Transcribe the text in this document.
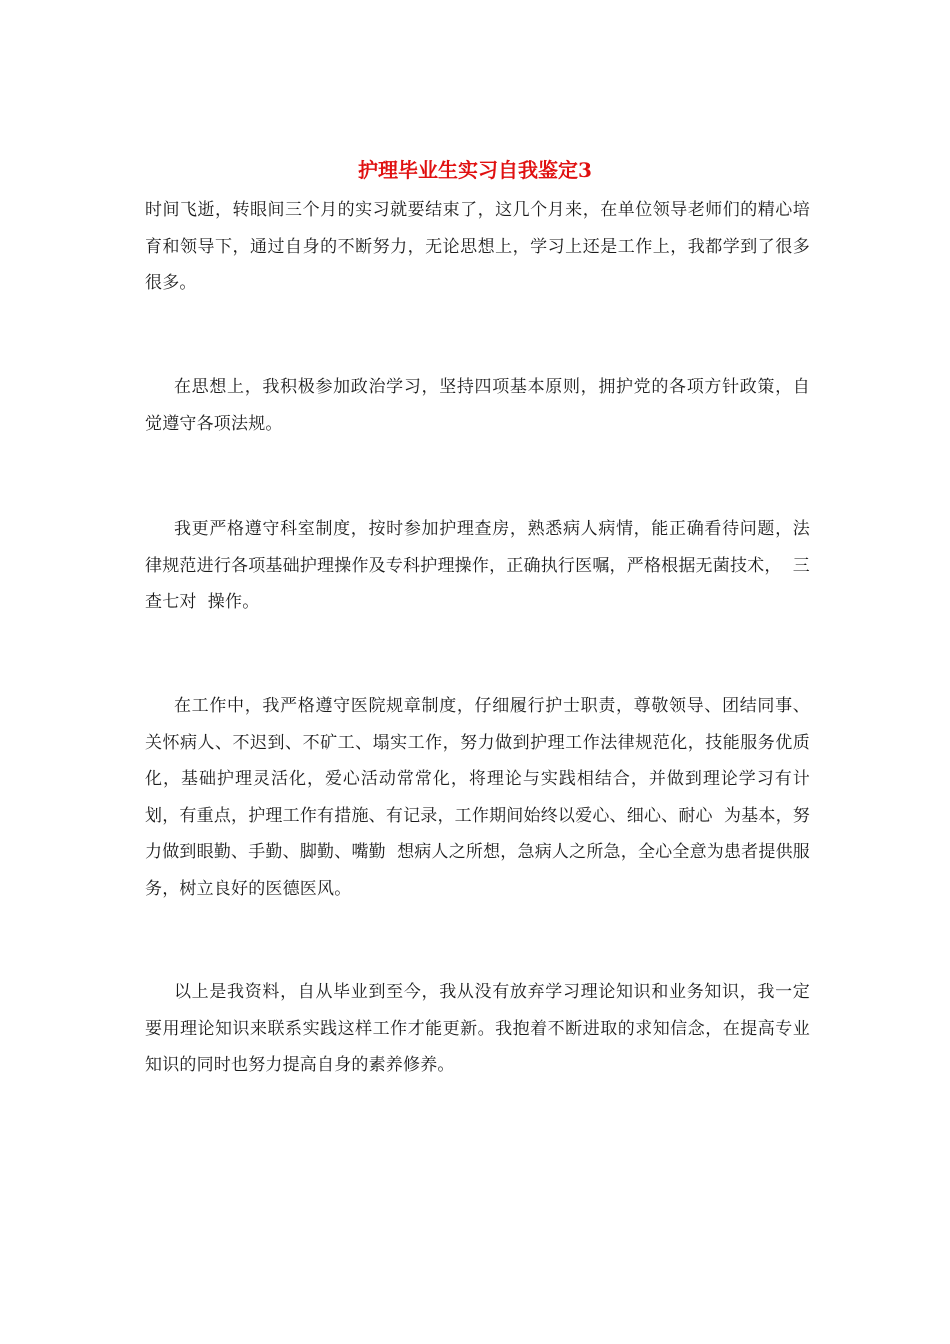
护理毕业生实习自我鉴定3

时间飞逝，转眼间三个月的实习就要结束了，这几个月来，在单位领导老师们的精心培育和领导下，通过自身的不断努力，无论思想上，学习上还是工作上，我都学到了很多很多。

在思想上，我积极参加政治学习，坚持四项基本原则，拥护党的各项方针政策，自觉遵守各项法规。

我更严格遵守科室制度，按时参加护理查房，熟悉病人病情，能正确看待问题，法律规范进行各项基础护理操作及专科护理操作，正确执行医嘱，严格根据无菌技术，  三查七对  操作。

在工作中，我严格遵守医院规章制度，仔细履行护士职责，尊敬领导、团结同事、关怀病人、不迟到、不矿工、塌实工作，努力做到护理工作法律规范化，技能服务优质化，基础护理灵活化，爱心活动常常化，将理论与实践相结合，并做到理论学习有计划，有重点，护理工作有措施、有记录，工作期间始终以爱心、细心、耐心  为基本，努力做到眼勤、手勤、脚勤、嘴勤  想病人之所想，急病人之所急，全心全意为患者提供服务，树立良好的医德医风。

以上是我资料，自从毕业到至今，我从没有放弃学习理论知识和业务知识，我一定要用理论知识来联系实践这样工作才能更新。我抱着不断进取的求知信念，在提高专业知识的同时也努力提高自身的素养修养。
